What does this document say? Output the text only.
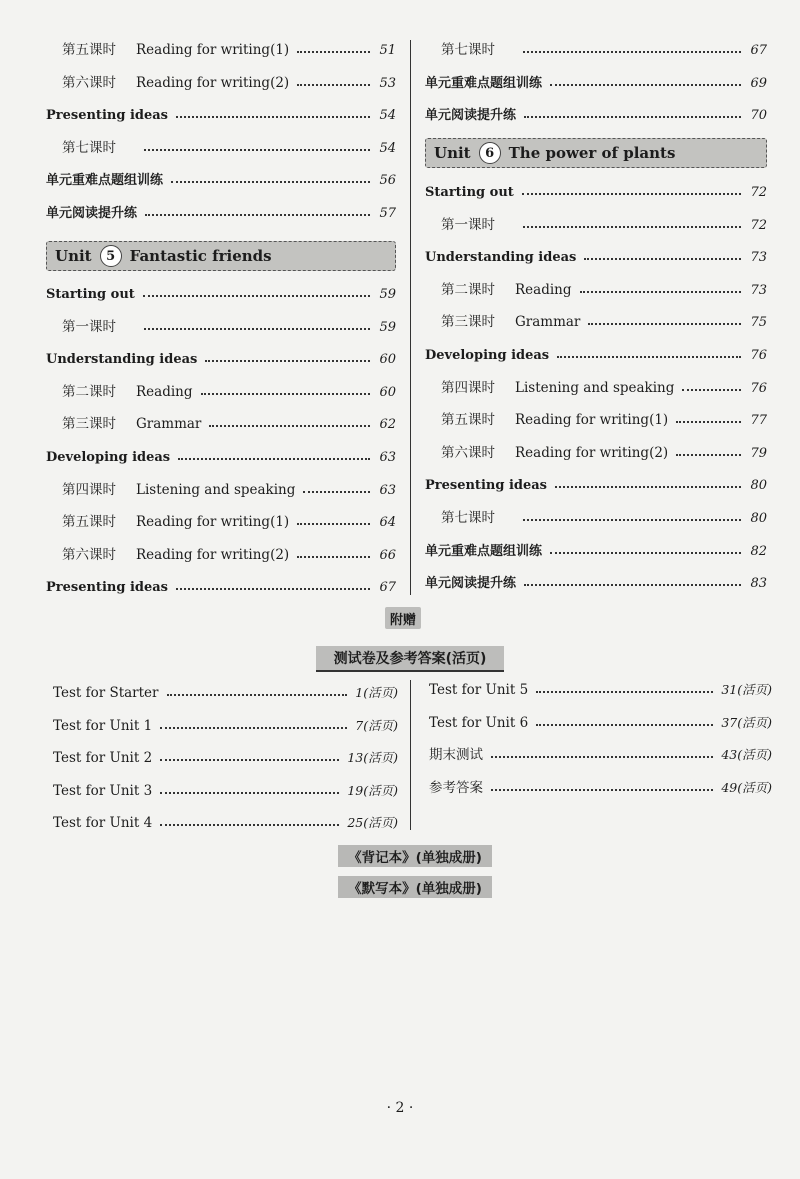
第五课时 Reading for writing(1)	51
第六课时 Reading for writing(2)	53
Presenting ideas	54
第七课时	54
单元重难点题组训练	56
单元阅读提升练	57
Unit	5 Fantastic friends
Starting out	59
第一课时	59
Understanding ideas	60
第二课时 Reading	60
第三课时 Grammar	62
Developing ideas	63
第四课时 Listening and speaking	63
第五课时 Reading for writing(1)	64
第六课时 Reading for writing(2)	66
Presenting ideas	67
第七课时	67
单元重难点题组训练	69
单元阅读提升练	70
Unit	6 The power of plants
Starting out	72
第一课时	72
Understanding ideas	73
第二课时 Reading	73
第三课时 Grammar	75
Developing ideas	76
第四课时 Listening and speaking	76
第五课时 Reading for writing(1)	77
第六课时 Reading for writing(2)	79
Presenting ideas	80
第七课时	80
单元重难点题组训练	82
单元阅读提升练	83
附赠
测试卷及参考答案(活页)
Test for Starter	1(活页)
Test for Unit 1	7(活页)
Test for Unit 2	13(活页)
Test for Unit 3	19(活页)
Test for Unit 4	25(活页)
Test for Unit 5	31(活页)
Test for Unit 6	37(活页)
期末测试	43(活页)
参考答案	49(活页)
《背记本》(单独成册)
《默写本》(单独成册)
· 2 ·
